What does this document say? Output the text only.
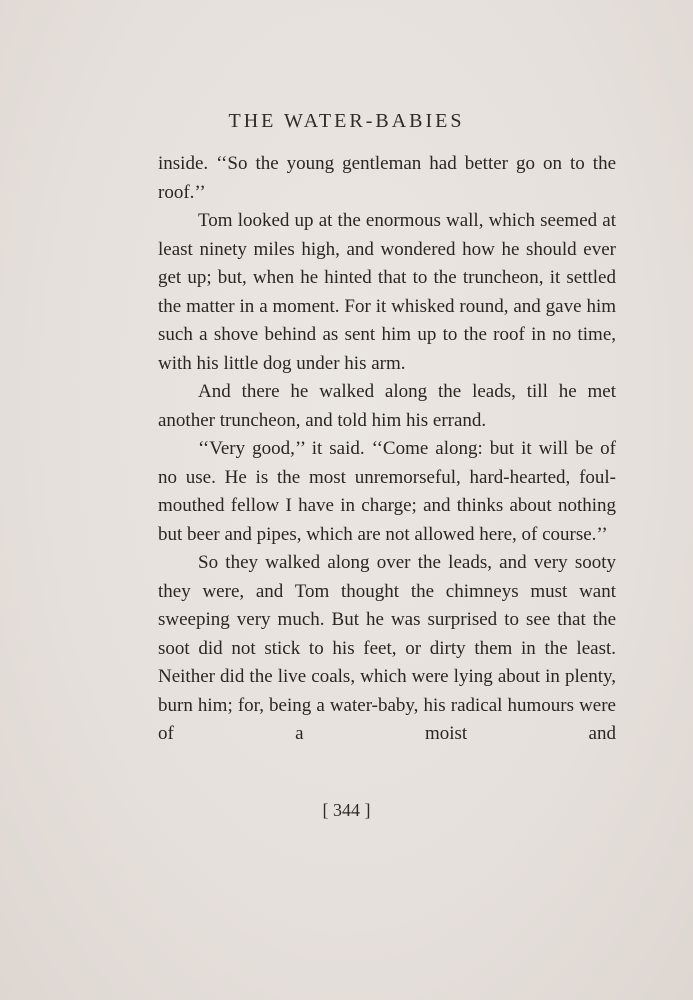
THE WATER-BABIES

inside. ‘‘So the young gentleman had better go on to the roof.’’

Tom looked up at the enormous wall, which seemed at least ninety miles high, and wondered how he should ever get up; but, when he hinted that to the truncheon, it settled the matter in a moment. For it whisked round, and gave him such a shove behind as sent him up to the roof in no time, with his little dog under his arm.

And there he walked along the leads, till he met another truncheon, and told him his errand.

‘‘Very good,’’ it said. ‘‘Come along: but it will be of no use. He is the most unremorseful, hard-hearted, foul-mouthed fellow I have in charge; and thinks about nothing but beer and pipes, which are not allowed here, of course.’’

So they walked along over the leads, and very sooty they were, and Tom thought the chimneys must want sweeping very much. But he was surprised to see that the soot did not stick to his feet, or dirty them in the least. Neither did the live coals, which were lying about in plenty, burn him; for, being a water-baby, his radical humours were of a moist and

[ 344 ]
